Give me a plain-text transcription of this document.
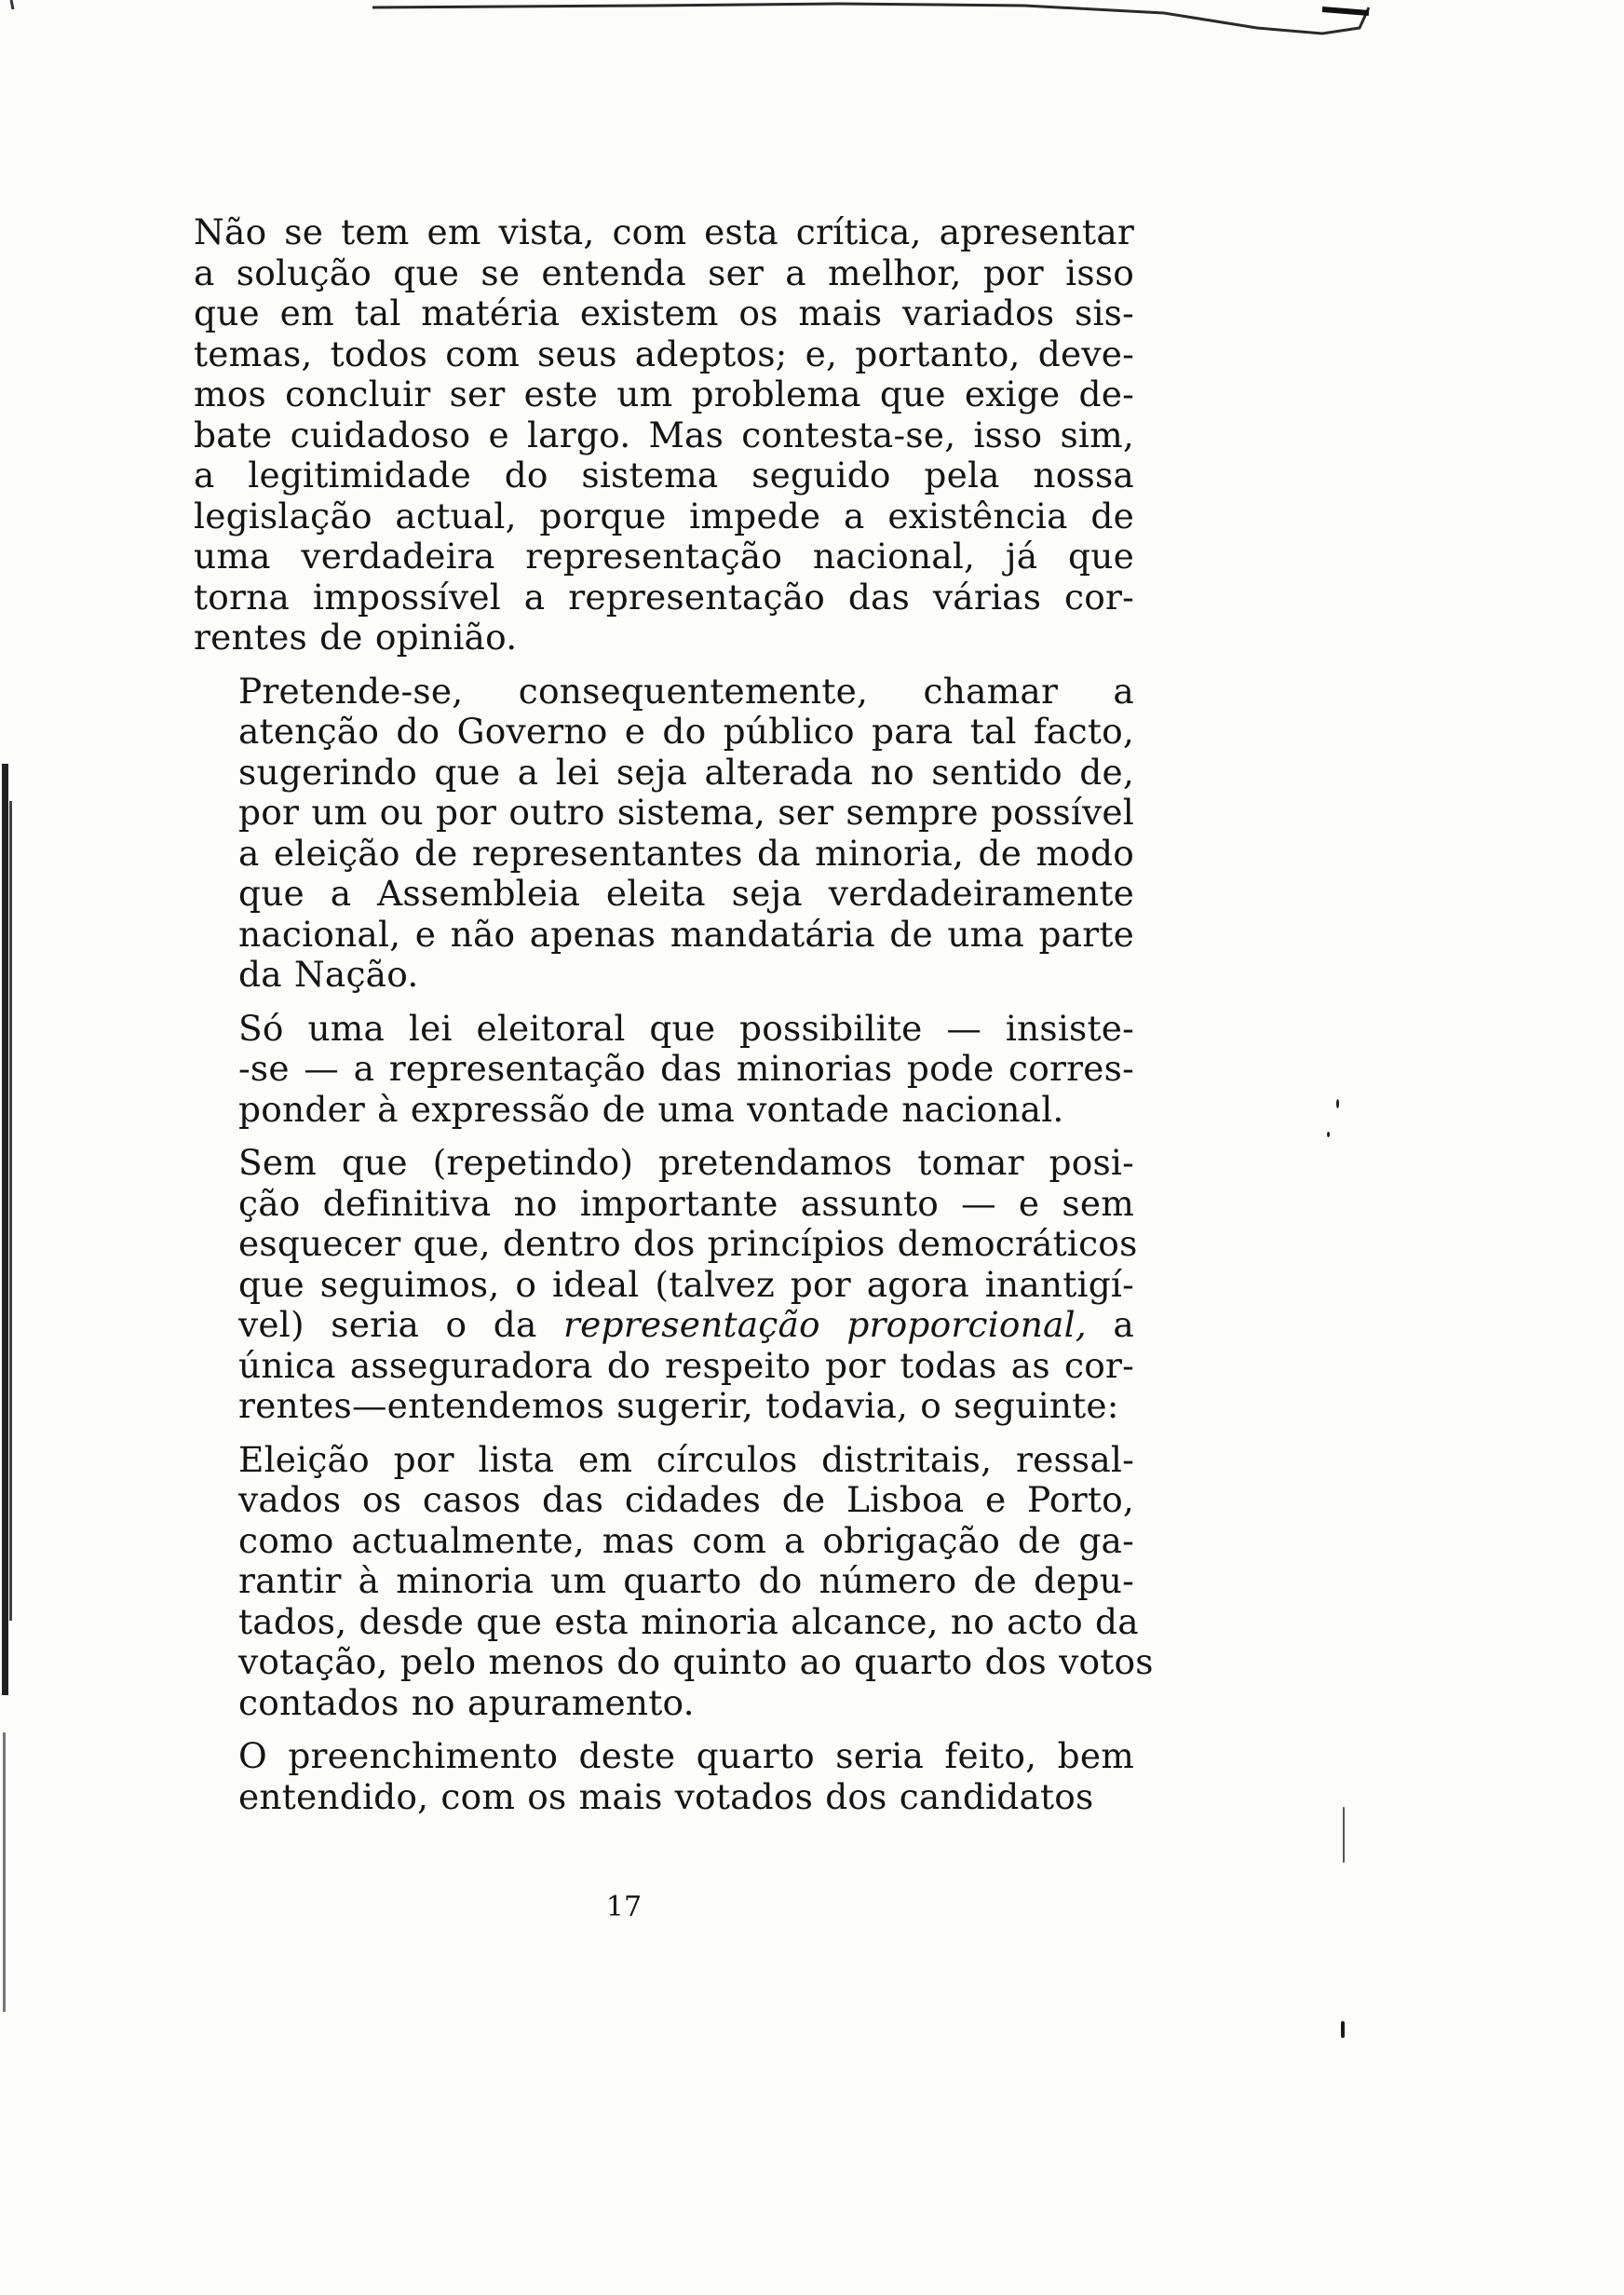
Não se tem em vista, com esta crítica, apresentar
a solução que se entenda ser a melhor, por isso
que em tal matéria existem os mais variados sis-
temas, todos com seus adeptos; e, portanto, deve-
mos concluir ser este um problema que exige de-
bate cuidadoso e largo. Mas contesta-se, isso sim,
a legitimidade do sistema seguido pela nossa
legislação actual, porque impede a existência de
uma verdadeira representação nacional, já que
torna impossível a representação das várias cor-
rentes de opinião.
Pretende-se, consequentemente, chamar a
atenção do Governo e do público para tal facto,
sugerindo que a lei seja alterada no sentido de,
por um ou por outro sistema, ser sempre possível
a eleição de representantes da minoria, de modo
que a Assembleia eleita seja verdadeiramente
nacional, e não apenas mandatária de uma parte
da Nação.
Só uma lei eleitoral que possibilite — insiste-
-se — a representação das minorias pode corres-
ponder à expressão de uma vontade nacional.
Sem que (repetindo) pretendamos tomar posi-
ção definitiva no importante assunto — e sem
esquecer que, dentro dos princípios democráticos
que seguimos, o ideal (talvez por agora inantigí-
vel) seria o da representação proporcional, a
única asseguradora do respeito por todas as cor-
rentes—entendemos sugerir, todavia, o seguinte:
Eleição por lista em círculos distritais, ressal-
vados os casos das cidades de Lisboa e Porto,
como actualmente, mas com a obrigação de ga-
rantir à minoria um quarto do número de depu-
tados, desde que esta minoria alcance, no acto da
votação, pelo menos do quinto ao quarto dos votos
contados no apuramento.
O preenchimento deste quarto seria feito, bem
entendido, com os mais votados dos candidatos
17
